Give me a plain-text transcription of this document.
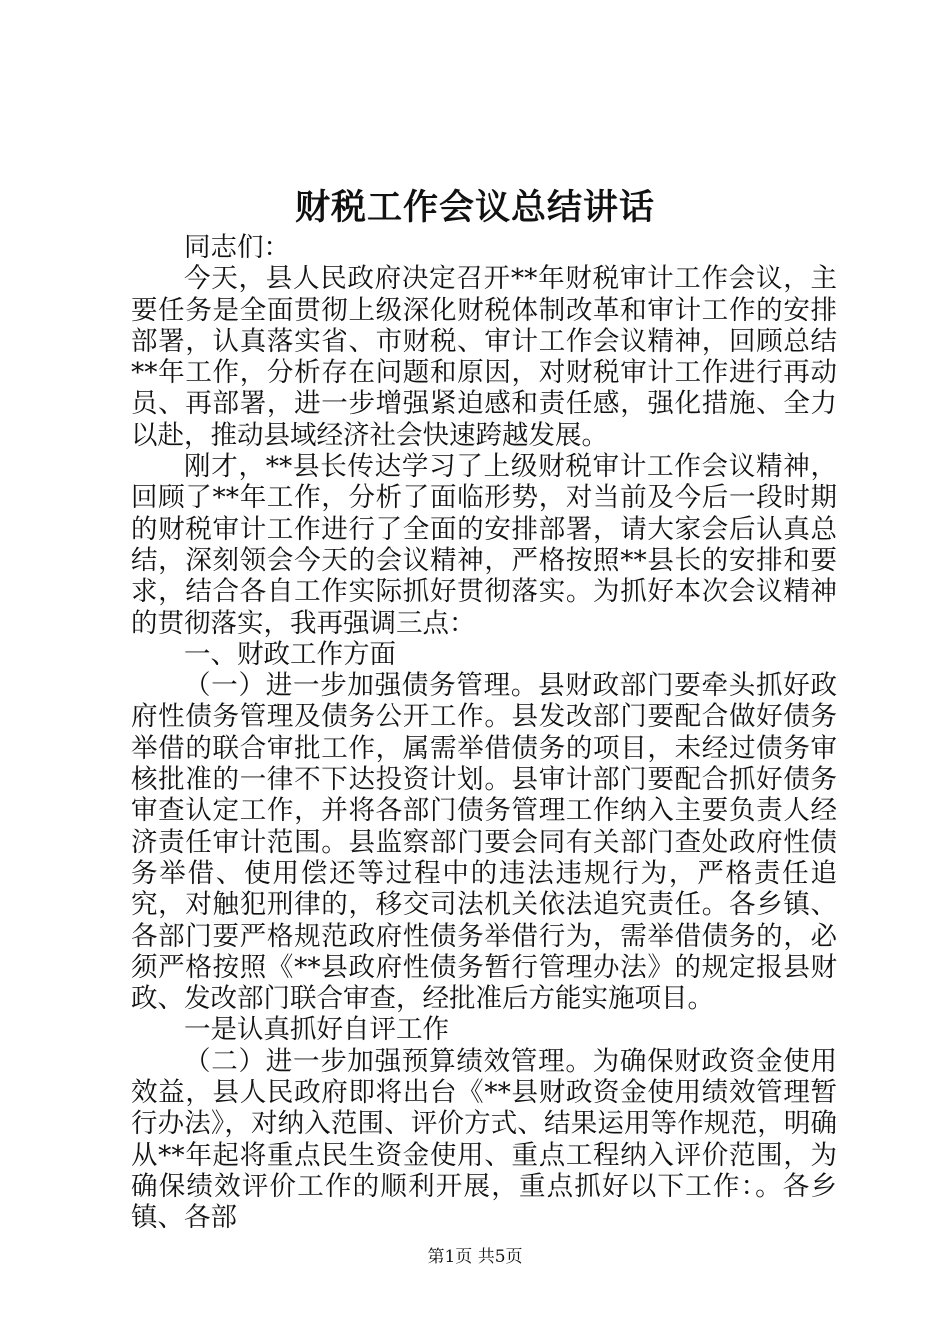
财税工作会议总结讲话

同志们：

今天，县人民政府决定召开**年财税审计工作会议，主要任务是全面贯彻上级深化财税体制改革和审计工作的安排部署，认真落实省、市财税、审计工作会议精神，回顾总结**年工作，分析存在问题和原因，对财税审计工作进行再动员、再部署，进一步增强紧迫感和责任感，强化措施、全力以赴，推动县域经济社会快速跨越发展。

刚才，**县长传达学习了上级财税审计工作会议精神，回顾了**年工作，分析了面临形势，对当前及今后一段时期的财税审计工作进行了全面的安排部署，请大家会后认真总结，深刻领会今天的会议精神，严格按照**县长的安排和要求，结合各自工作实际抓好贯彻落实。为抓好本次会议精神的贯彻落实，我再强调三点：

一、财政工作方面

（一）进一步加强债务管理。县财政部门要牵头抓好政府性债务管理及债务公开工作。县发改部门要配合做好债务举借的联合审批工作，属需举借债务的项目，未经过债务审核批准的一律不下达投资计划。县审计部门要配合抓好债务审查认定工作，并将各部门债务管理工作纳入主要负责人经济责任审计范围。县监察部门要会同有关部门查处政府性债务举借、使用偿还等过程中的违法违规行为，严格责任追究，对触犯刑律的，移交司法机关依法追究责任。各乡镇、各部门要严格规范政府性债务举借行为，需举借债务的，必须严格按照《**县政府性债务暂行管理办法》的规定报县财政、发改部门联合审查，经批准后方能实施项目。

一是认真抓好自评工作

（二）进一步加强预算绩效管理。为确保财政资金使用效益，县人民政府即将出台《**县财政资金使用绩效管理暂行办法》，对纳入范围、评价方式、结果运用等作规范，明确从**年起将重点民生资金使用、重点工程纳入评价范围，为确保绩效评价工作的顺利开展，重点抓好以下工作：。各乡镇、各部

第1页 共5页
